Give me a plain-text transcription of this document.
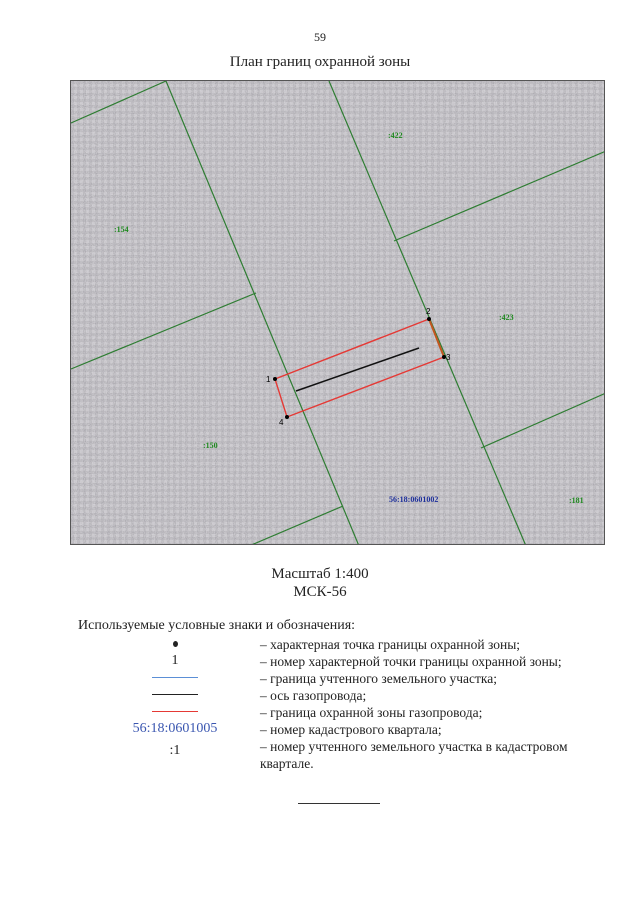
59
План границ охранной зоны
1
2
3
4
:422
:154
:423
:150
:181
56:18:0601002
Масштаб 1:400
МСК-56
Используемые условные знаки и обозначения:
– характерная точка границы охранной зоны;
1	– номер характерной точки границы охранной зоны;
– граница учтенного земельного участка;
– ось газопровода;
– граница охранной зоны газопровода;
56:18:0601005	– номер кадастрового квартала;
:1	– номер учтенного земельного участка в кадастровом квартале.
